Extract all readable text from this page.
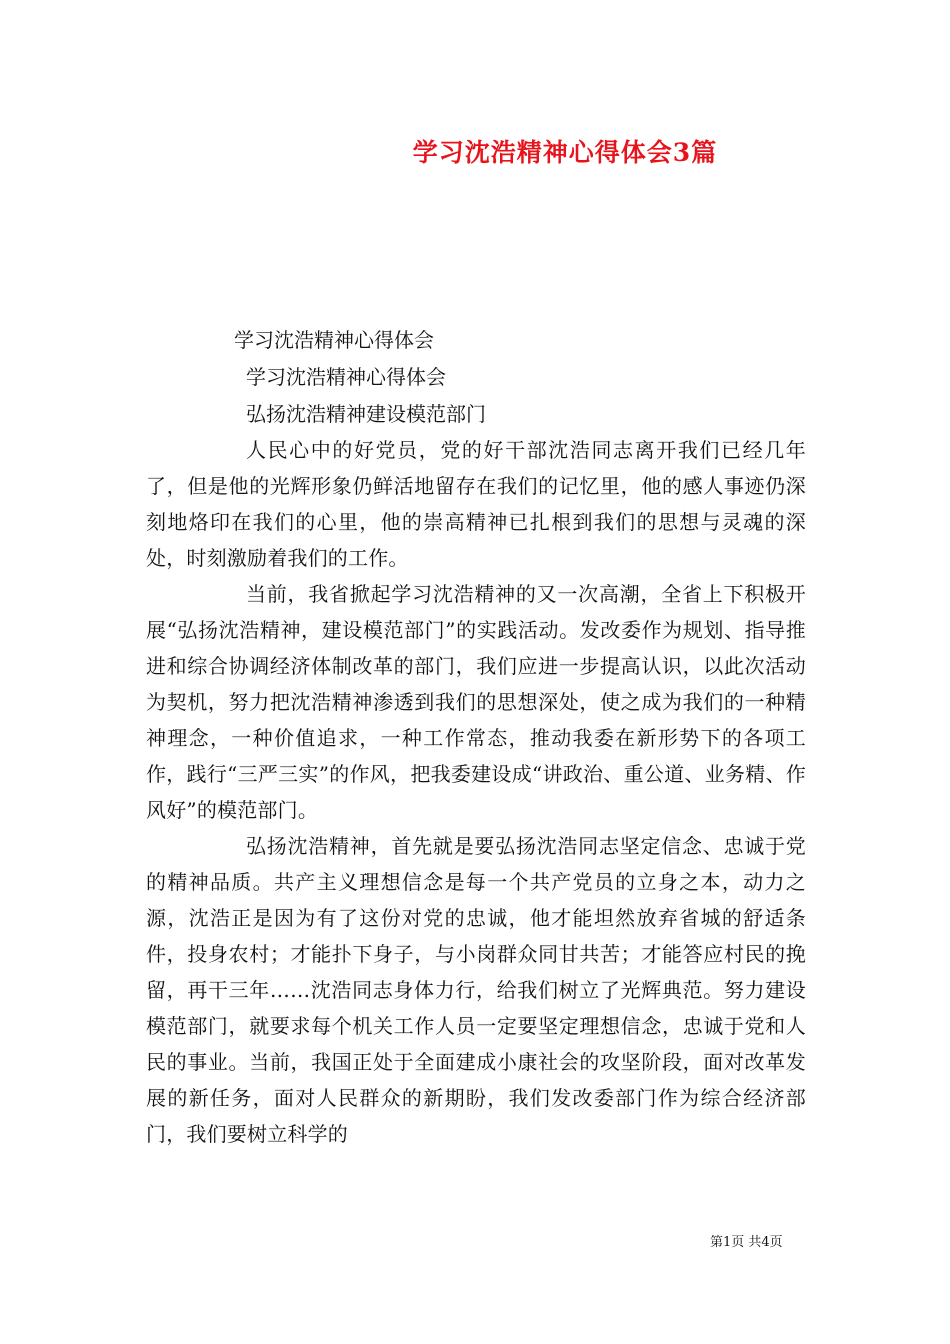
学习沈浩精神心得体会3篇

学习沈浩精神心得体会

学习沈浩精神心得体会

弘扬沈浩精神建设模范部门

人民心中的好党员，党的好干部沈浩同志离开我们已经几年了，但是他的光辉形象仍鲜活地留存在我们的记忆里，他的感人事迹仍深刻地烙印在我们的心里，他的崇高精神已扎根到我们的思想与灵魂的深处，时刻激励着我们的工作。

当前，我省掀起学习沈浩精神的又一次高潮，全省上下积极开展“弘扬沈浩精神，建设模范部门”的实践活动。发改委作为规划、指导推进和综合协调经济体制改革的部门，我们应进一步提高认识，以此次活动为契机，努力把沈浩精神渗透到我们的思想深处，使之成为我们的一种精神理念，一种价值追求，一种工作常态，推动我委在新形势下的各项工作，践行“三严三实”的作风，把我委建设成“讲政治、重公道、业务精、作风好”的模范部门。

弘扬沈浩精神，首先就是要弘扬沈浩同志坚定信念、忠诚于党的精神品质。共产主义理想信念是每一个共产党员的立身之本，动力之源，沈浩正是因为有了这份对党的忠诚，他才能坦然放弃省城的舒适条件，投身农村；才能扑下身子，与小岗群众同甘共苦；才能答应村民的挽留，再干三年……沈浩同志身体力行，给我们树立了光辉典范。努力建设模范部门，就要求每个机关工作人员一定要坚定理想信念，忠诚于党和人民的事业。当前，我国正处于全面建成小康社会的攻坚阶段，面对改革发展的新任务，面对人民群众的新期盼，我们发改委部门作为综合经济部门，我们要树立科学的

第1页 共4页
